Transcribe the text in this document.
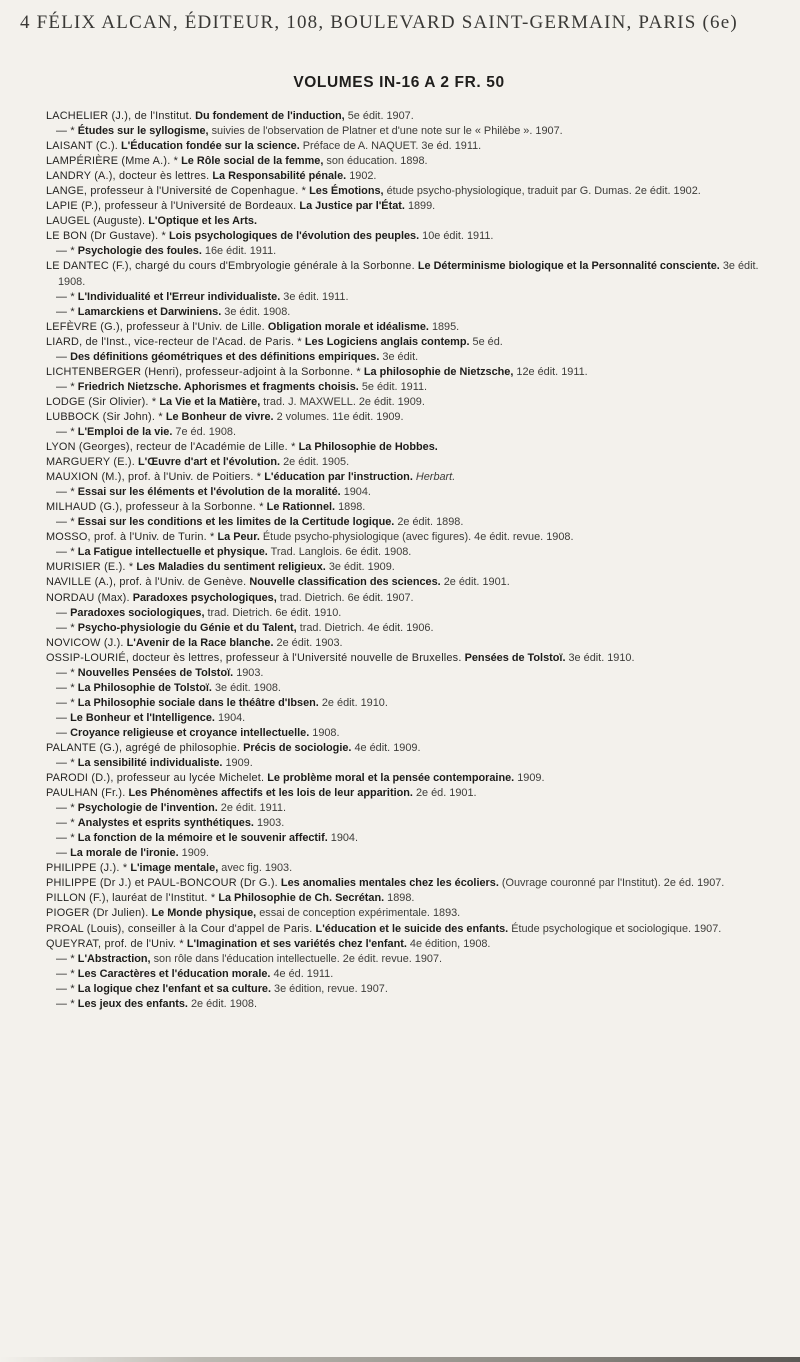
4 FÉLIX ALCAN, ÉDITEUR, 108, BOULEVARD SAINT-GERMAIN, PARIS (6e)
VOLUMES IN-16 A 2 FR. 50
LACHELIER (J.), de l'Institut. Du fondement de l'induction, 5e édit. 1907.
— * Études sur le syllogisme, suivies de l'observation de Platner et d'une note sur le « Philèbe ». 1907.
LAISANT (C.). L'Éducation fondée sur la science. Préface de A. NAQUET. 3e éd. 1911.
LAMPÉRIÈRE (Mme A.). * Le Rôle social de la femme, son éducation. 1898.
LANDRY (A.), docteur ès lettres. La Responsabilité pénale. 1902.
LANGE, professeur à l'Université de Copenhague. * Les Émotions, étude psycho-physiologique, traduit par G. Dumas. 2e édit. 1902.
LAPIE (P.), professeur à l'Université de Bordeaux. La Justice par l'État. 1899.
LAUGEL (Auguste). L'Optique et les Arts.
LE BON (Dr Gustave). * Lois psychologiques de l'évolution des peuples. 10e édit. 1911.
— * Psychologie des foules. 16e édit. 1911.
LE DANTEC (F.), chargé du cours d'Embryologie générale à la Sorbonne. Le Déterminisme biologique et la Personnalité consciente. 3e édit. 1908.
— * L'Individualité et l'Erreur individualiste. 3e édit. 1911.
— * Lamarckiens et Darwiniens. 3e édit. 1908.
LEFÈVRE (G.), professeur à l'Univ. de Lille. Obligation morale et idéalisme. 1895.
LIARD, de l'Inst., vice-recteur de l'Acad. de Paris. * Les Logiciens anglais contemp. 5e éd.
— Des définitions géométriques et des définitions empiriques. 3e édit.
LICHTENBERGER (Henri), professeur-adjoint à la Sorbonne. * La philosophie de Nietzsche, 12e édit. 1911.
— * Friedrich Nietzsche. Aphorismes et fragments choisis. 5e édit. 1911.
LODGE (Sir Olivier). * La Vie et la Matière, trad. J. MAXWELL. 2e édit. 1909.
LUBBOCK (Sir John). * Le Bonheur de vivre. 2 volumes. 11e édit. 1909.
— * L'Emploi de la vie. 7e éd. 1908.
LYON (Georges), recteur de l'Académie de Lille. * La Philosophie de Hobbes.
MARGUERY (E.). L'Œuvre d'art et l'évolution. 2e édit. 1905.
MAUXION (M.), prof. à l'Univ. de Poitiers. * L'éducation par l'instruction. Herbart.
— * Essai sur les éléments et l'évolution de la moralité. 1904.
MILHAUD (G.), professeur à la Sorbonne. * Le Rationnel. 1898.
— * Essai sur les conditions et les limites de la Certitude logique. 2e édit. 1898.
MOSSO, prof. à l'Univ. de Turin. * La Peur. Étude psycho-physiologique (avec figures). 4e édit. revue. 1908.
— * La Fatigue intellectuelle et physique. Trad. Langlois. 6e édit. 1908.
MURISIER (E.). * Les Maladies du sentiment religieux. 3e édit. 1909.
NAVILLE (A.), prof. à l'Univ. de Genève. Nouvelle classification des sciences. 2e édit. 1901.
NORDAU (Max). Paradoxes psychologiques, trad. Dietrich. 6e édit. 1907.
— Paradoxes sociologiques, trad. Dietrich. 6e édit. 1910.
— * Psycho-physiologie du Génie et du Talent, trad. Dietrich. 4e édit. 1906.
NOVICOW (J.). L'Avenir de la Race blanche. 2e édit. 1903.
OSSIP-LOURIÉ, docteur ès lettres, professeur à l'Université nouvelle de Bruxelles. Pensées de Tolstoï. 3e édit. 1910.
— * Nouvelles Pensées de Tolstoï. 1903.
— * La Philosophie de Tolstoï. 3e édit. 1908.
— * La Philosophie sociale dans le théâtre d'Ibsen. 2e édit. 1910.
— Le Bonheur et l'Intelligence. 1904.
— Croyance religieuse et croyance intellectuelle. 1908.
PALANTE (G.), agrégé de philosophie. Précis de sociologie. 4e édit. 1909.
— * La sensibilité individualiste. 1909.
PARODI (D.), professeur au lycée Michelet. Le problème moral et la pensée contemporaine. 1909.
PAULHAN (Fr.). Les Phénomènes affectifs et les lois de leur apparition. 2e éd. 1901.
— * Psychologie de l'invention. 2e édit. 1911.
— * Analystes et esprits synthétiques. 1903.
— * La fonction de la mémoire et le souvenir affectif. 1904.
— La morale de l'ironie. 1909.
PHILIPPE (J.). * L'image mentale, avec fig. 1903.
PHILIPPE (Dr J.) et PAUL-BONCOUR (Dr G.). Les anomalies mentales chez les écoliers. (Ouvrage couronné par l'Institut). 2e éd. 1907.
PILLON (F.), lauréat de l'Institut. * La Philosophie de Ch. Secrétan. 1898.
PIOGER (Dr Julien). Le Monde physique, essai de conception expérimentale. 1893.
PROAL (Louis), conseiller à la Cour d'appel de Paris. L'éducation et le suicide des enfants. Étude psychologique et sociologique. 1907.
QUEYRAT, prof. de l'Univ. * L'Imagination et ses variétés chez l'enfant. 4e édition, 1908.
— * L'Abstraction, son rôle dans l'éducation intellectuelle. 2e édit. revue. 1907.
— * Les Caractères et l'éducation morale. 4e éd. 1911.
— * La logique chez l'enfant et sa culture. 3e édition, revue. 1907.
— * Les jeux des enfants. 2e édit. 1908.
